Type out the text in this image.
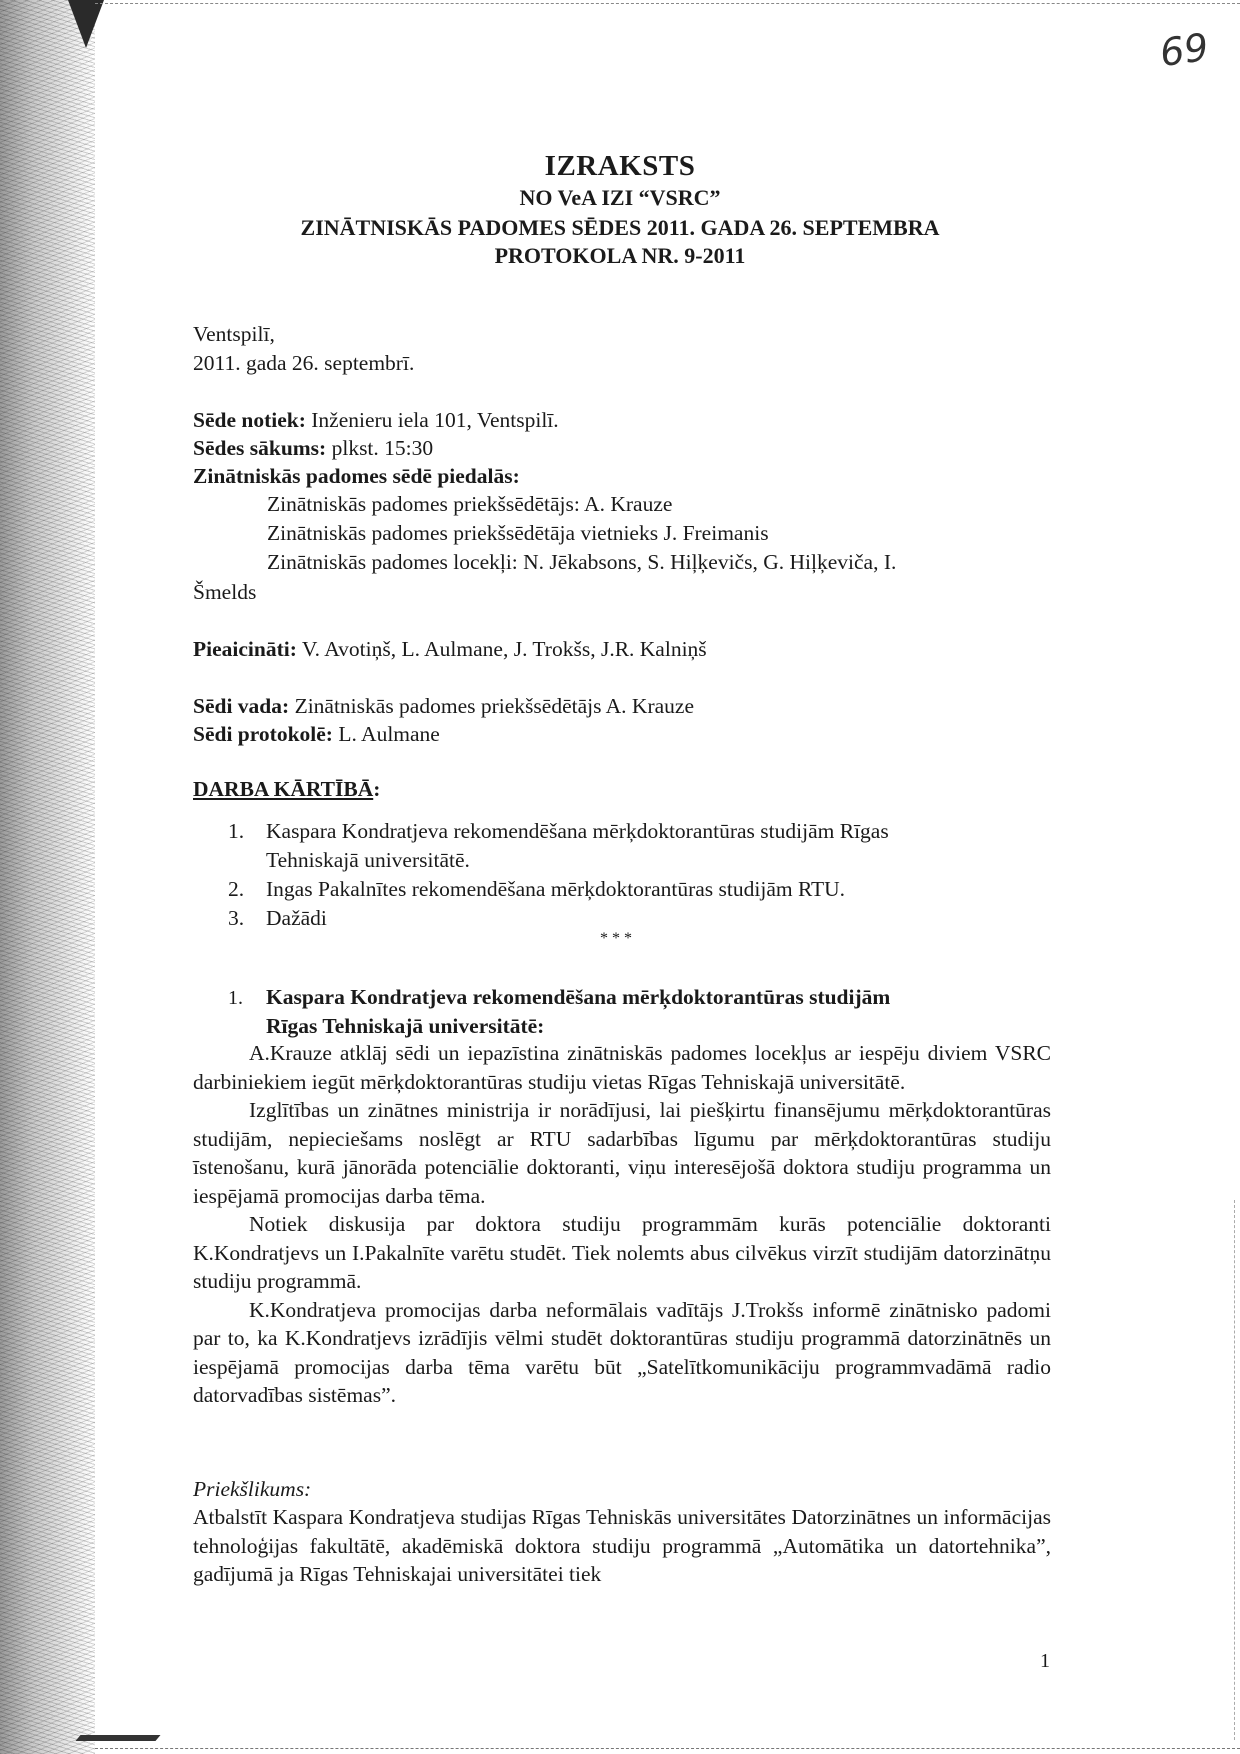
69
IZRAKSTS
NO VeA IZI “VSRC”
ZINĀTNISKĀS PADOMES SĒDES 2011. GADA 26. SEPTEMBRA
PROTOKOLA NR. 9-2011
Ventspilī,
2011. gada 26. septembrī.
Sēde notiek: Inženieru iela 101, Ventspilī.
Sēdes sākums: plkst. 15:30
Zinātniskās padomes sēdē piedalās:
Zinātniskās padomes priekšsēdētājs: A. Krauze
Zinātniskās padomes priekšsēdētāja vietnieks J. Freimanis
Zinātniskās padomes locekļi: N. Jēkabsons, S. Hiļķevičs, G. Hiļķeviča, I.
Šmelds
Pieaicināti: V. Avotiņš, L. Aulmane, J. Trokšs, J.R. Kalniņš
Sēdi vada: Zinātniskās padomes priekšsēdētājs A. Krauze
Sēdi protokolē: L. Aulmane
DARBA KĀRTĪBĀ:
1. Kaspara Kondratjeva rekomendēšana mērķdoktorantūras studijām Rīgas
Tehniskajā universitātē.
2. Ingas Pakalnītes rekomendēšana mērķdoktorantūras studijām RTU.
3. Dažādi
***
1. Kaspara Kondratjeva rekomendēšana mērķdoktorantūras studijām
Rīgas Tehniskajā universitātē:

A.Krauze atklāj sēdi un iepazīstina zinātniskās padomes locekļus ar iespēju diviem VSRC darbiniekiem iegūt mērķdoktorantūras studiju vietas Rīgas Tehniskajā universitātē.

Izglītības un zinātnes ministrija ir norādījusi, lai piešķirtu finansējumu mērķdoktorantūras studijām, nepieciešams noslēgt ar RTU sadarbības līgumu par mērķdoktorantūras studiju īstenošanu, kurā jānorāda potenciālie doktoranti, viņu interesējošā doktora studiju programma un iespējamā promocijas darba tēma.

Notiek diskusija par doktora studiju programmām kurās potenciālie doktoranti K.Kondratjevs un I.Pakalnīte varētu studēt. Tiek nolemts abus cilvēkus virzīt studijām datorzinātņu studiju programmā.

K.Kondratjeva promocijas darba neformālais vadītājs J.Trokšs informē zinātnisko padomi par to, ka K.Kondratjevs izrādījis vēlmi studēt doktorantūras studiju programmā datorzinātnēs un iespējamā promocijas darba tēma varētu būt „Satelītkomunikāciju programmvadāmā radio datorvadības sistēmas”.

Priekšlikums:
Atbalstīt Kaspara Kondratjeva studijas Rīgas Tehniskās universitātes Datorzinātnes un informācijas tehnoloģijas fakultātē, akadēmiskā doktora studiju programmā „Automātika un datortehnika”, gadījumā ja Rīgas Tehniskajai universitātei tiek
1
